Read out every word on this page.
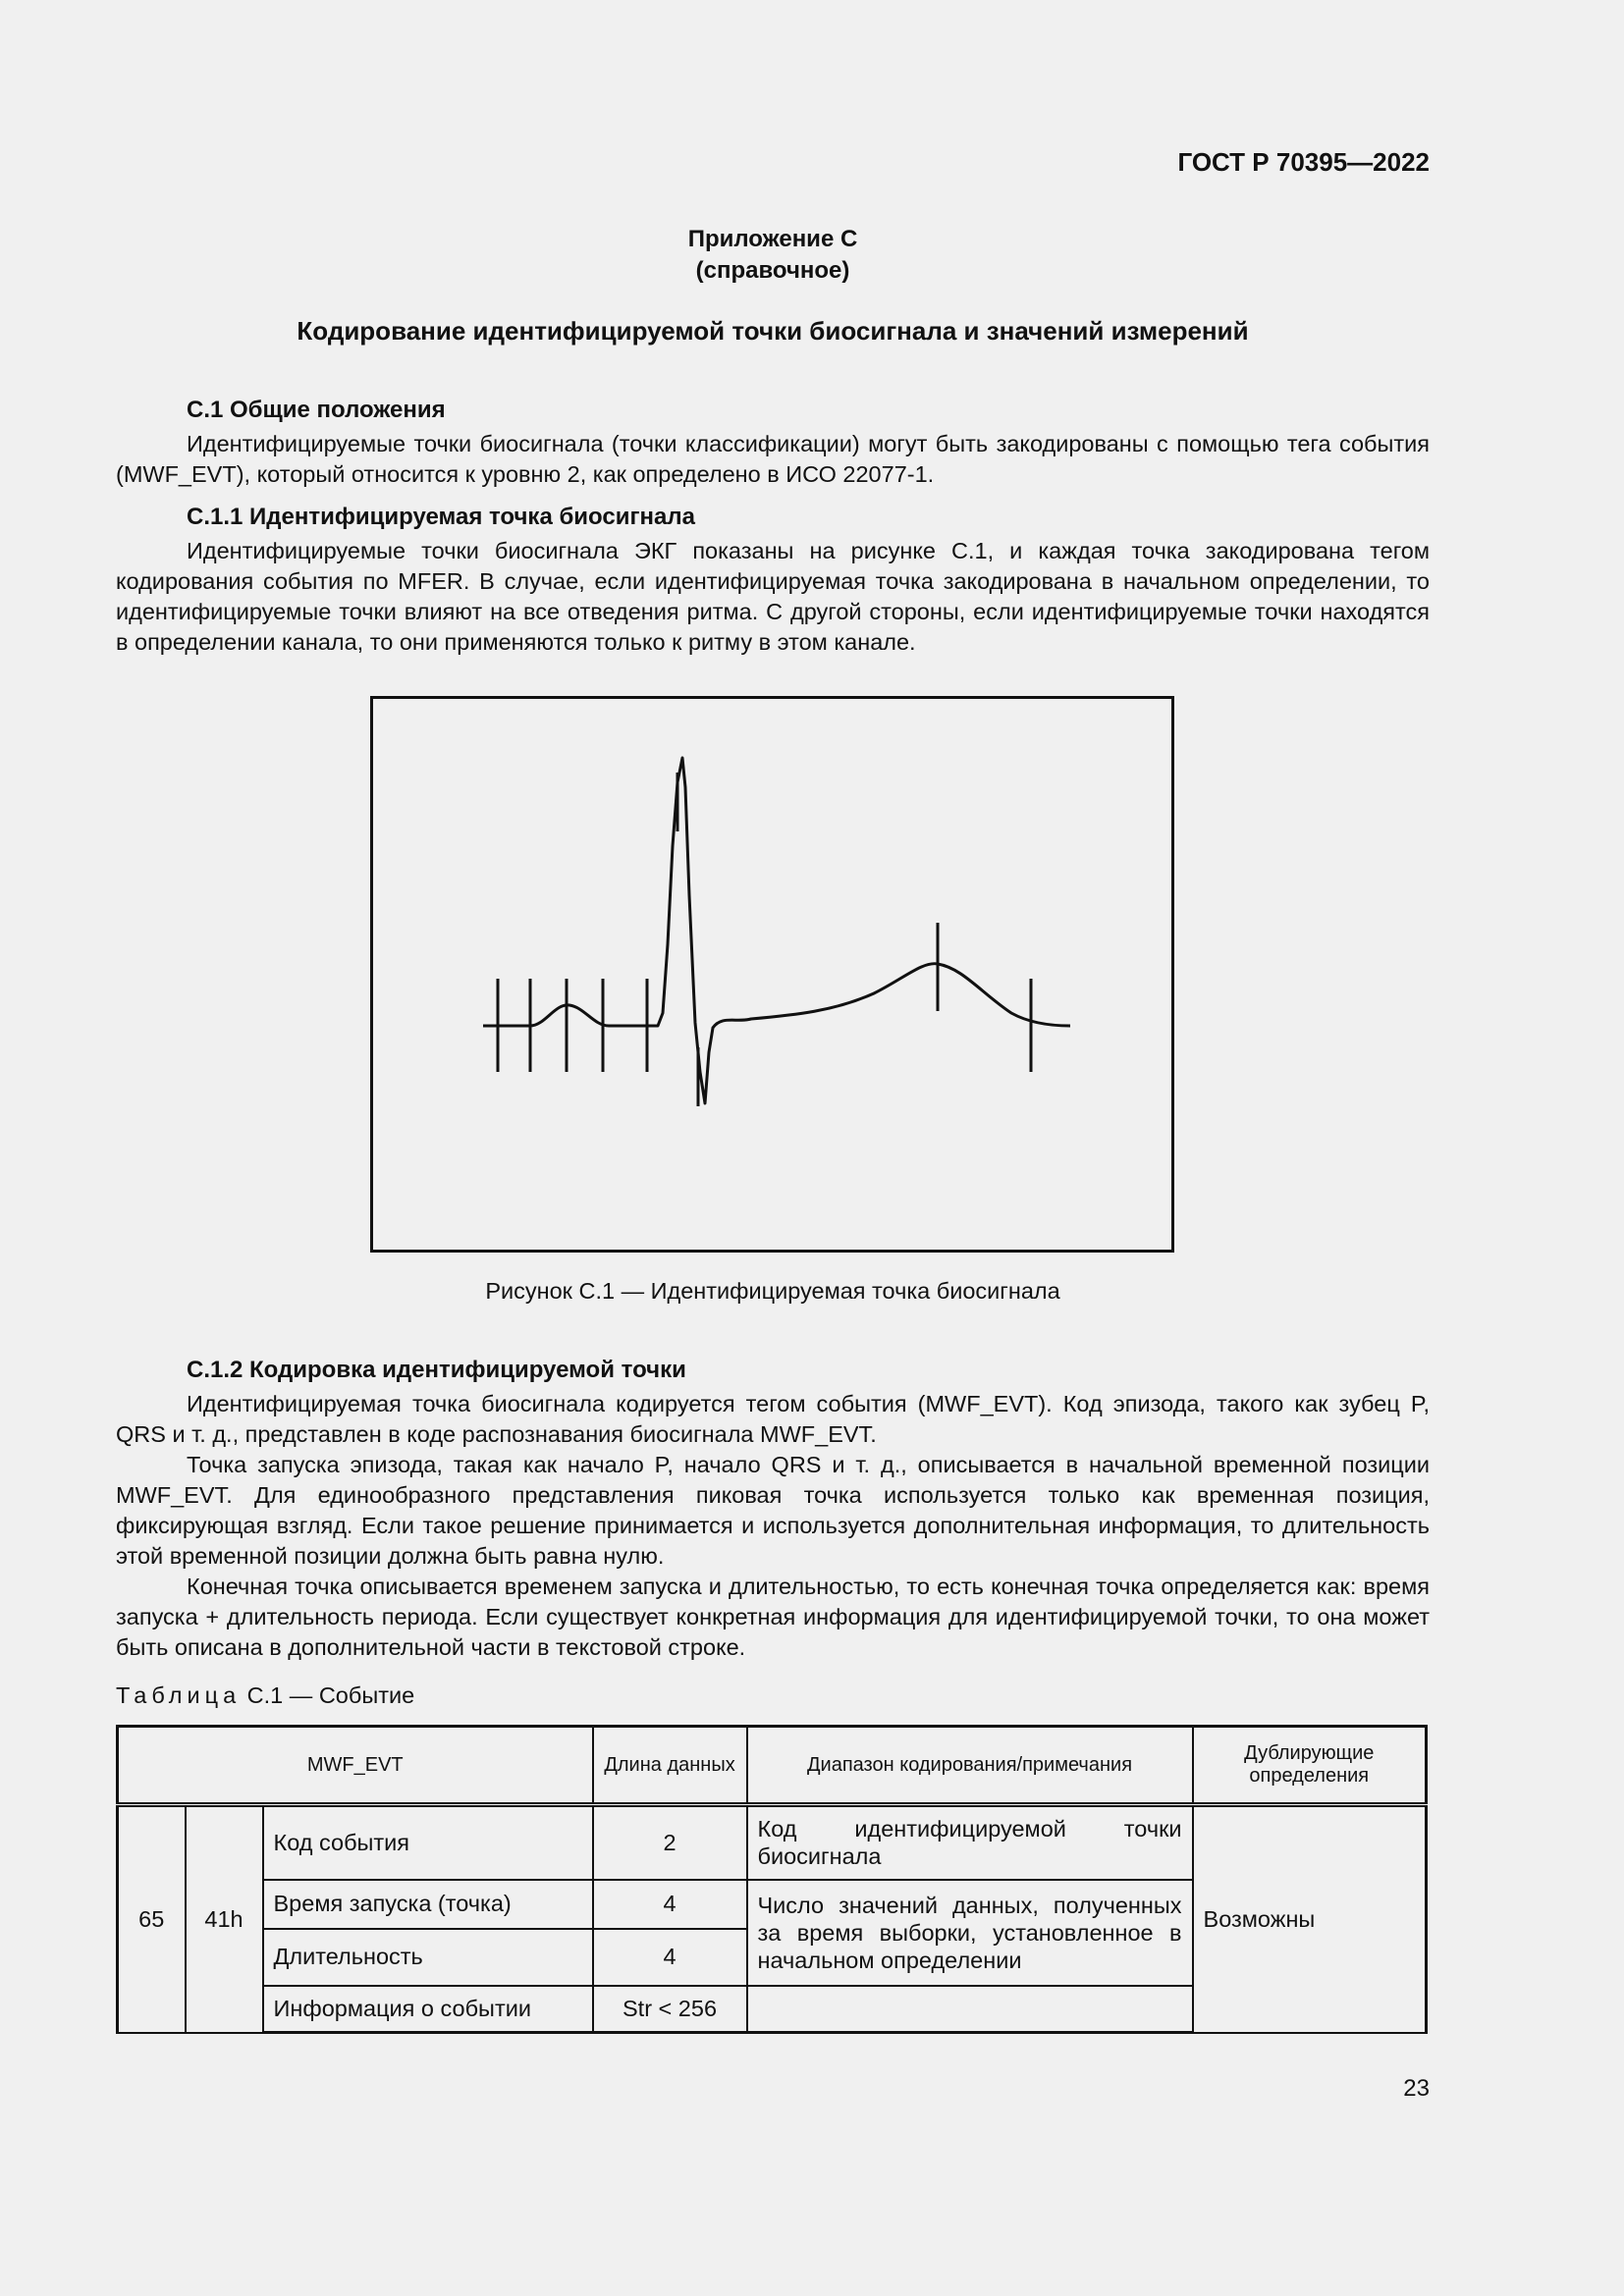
ГОСТ Р 70395—2022
Приложение С
(справочное)
Кодирование идентифицируемой точки биосигнала и значений измерений

С.1 Общие положения

Идентифицируемые точки биосигнала (точки классификации) могут быть закодированы с помощью тега события (MWF_EVT), который относится к уровню 2, как определено в ИСО 22077-1.

С.1.1 Идентифицируемая точка биосигнала

Идентифицируемые точки биосигнала ЭКГ показаны на рисунке С.1, и каждая точка закодирована тегом кодирования события по MFER. В случае, если идентифицируемая точка закодирована в начальном определении, то идентифицируемые точки влияют на все отведения ритма. С другой стороны, если идентифицируемые точки находятся в определении канала, то они применяются только к ритму в этом канале.

Рисунок С.1 — Идентифицируемая точка биосигнала

С.1.2 Кодировка идентифицируемой точки

Идентифицируемая точка биосигнала кодируется тегом события (MWF_EVT). Код эпизода, такого как зубец P, QRS и т. д., представлен в коде распознавания биосигнала MWF_EVT.

Точка запуска эпизода, такая как начало P, начало QRS и т. д., описывается в начальной временной позиции MWF_EVT. Для единообразного представления пиковая точка используется только как временная позиция, фиксирующая взгляд. Если такое решение принимается и используется дополнительная информация, то длительность этой временной позиции должна быть равна нулю.

Конечная точка описывается временем запуска и длительностью, то есть конечная точка определяется как: время запуска + длительность периода. Если существует конкретная информация для идентифицируемой точки, то она может быть описана в дополнительной части в текстовой строке.

Таблица С.1 — Событие
MWF_EVT			Длина данных	Диапазон кодирования/примечания	Дублирующие определения
65	41h	Код события	2	Код идентифицируемой точки биосигнала	Возможны
		Время запуска (точка)	4	Число значений данных, полученных за время выборки, установленное в начальном определении	
		Длительность	4		
		Информация о событии	Str < 256		
23
